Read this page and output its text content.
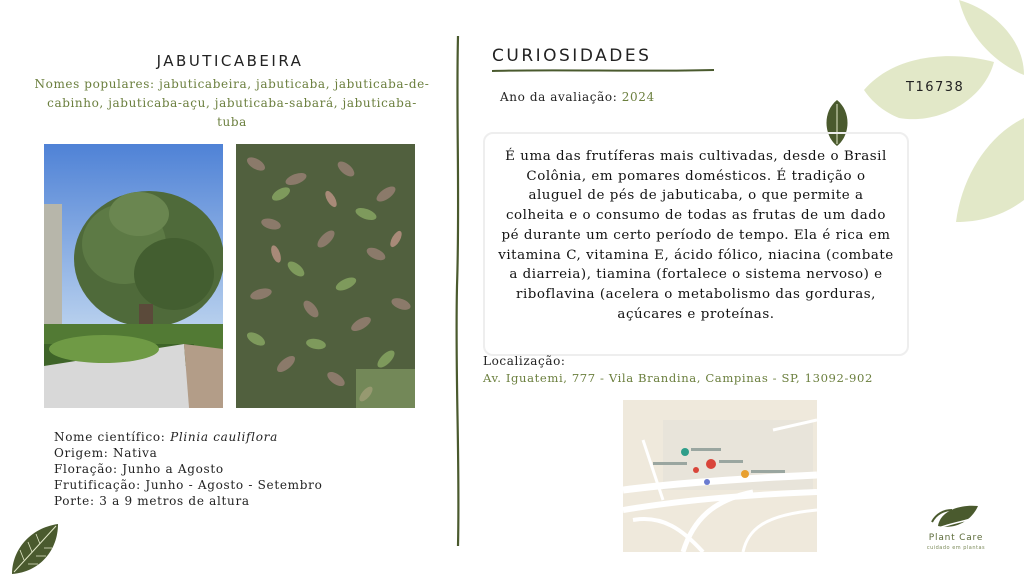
T16738
JABUTICABEIRA
Nomes populares: jabuticabeira, jabuticaba, jabuticaba-de-cabinho, jabuticaba-açu, jabuticaba-sabará, jabuticaba-tuba
Nome científico: Plinia cauliflora
Origem: Nativa
Floração: Junho a Agosto
Frutificação: Junho - Agosto - Setembro
Porte: 3 a 9 metros de altura
CURIOSIDADES
Ano da avaliação: 2024
É uma das frutíferas mais cultivadas, desde o Brasil Colônia, em pomares domésticos. É tradição o aluguel de pés de jabuticaba, o que permite a colheita e o consumo de todas as frutas de um dado pé durante um certo período de tempo. Ela é rica em vitamina C, vitamina E, ácido fólico, niacina (combate a diarreia), tiamina (fortalece o sistema nervoso) e riboflavina (acelera o metabolismo das gorduras, açúcares e proteínas.
Localização:
Av. Iguatemi, 777 - Vila Brandina, Campinas - SP, 13092-902
Plant Care
cuidado em plantas
